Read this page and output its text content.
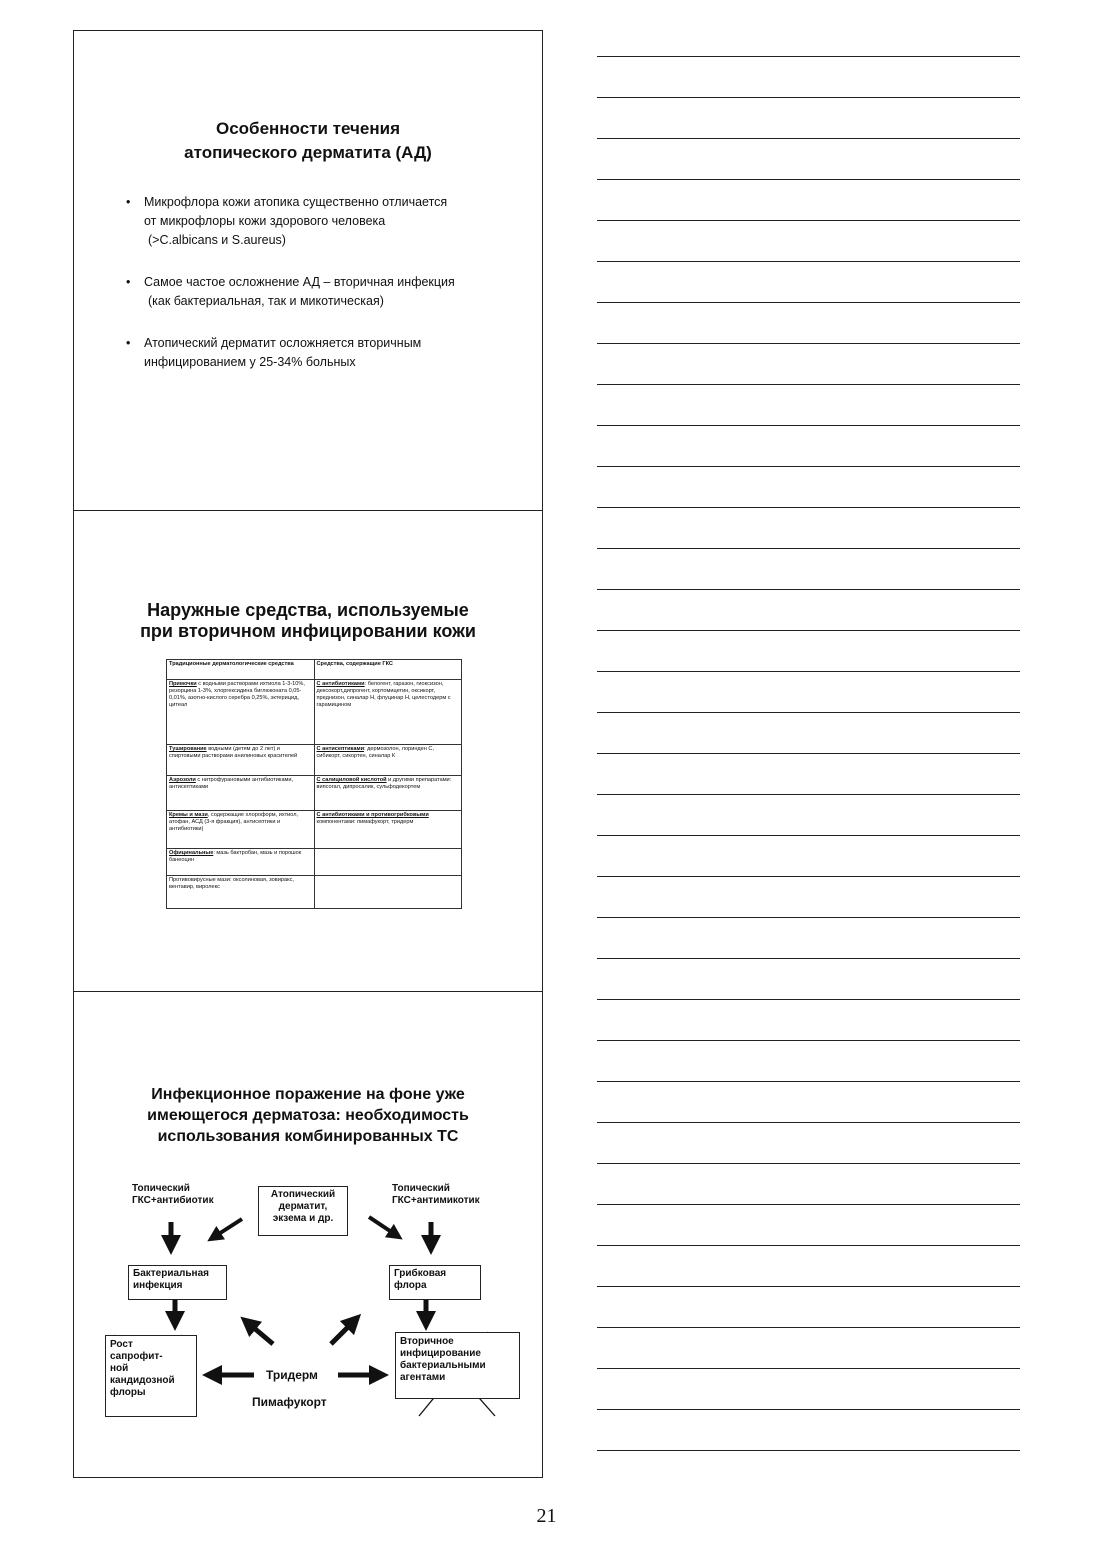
Особенности течения
атопического дерматита (АД)
• Микрофлора кожи атопика существенно отличается
от микрофлоры кожи здорового человека
(>C.albicans и S.aureus)
• Самое частое осложнение АД – вторичная инфекция
(как бактериальная, так и микотическая)
• Атопический дерматит осложняется вторичным
инфицированием у 25-34% больных
Наружные средства, используемые
при вторичном инфицировании кожи
Традиционные дерматологические средства	Средства, содержащие ГКС
Примочки с водными растворами ихтиола 1-3-10%, резорцина 1-3%, хлоргексидина биглюконата 0,05-0,01%, азотно-кислого серебра 0,25%, эктерицид, цитеал	С антибиотиками: белогент, гаразон, гиоксизон, дексокорт,дипрогент, кортомицетин, оксикорт, преднизон, синалар Н, флуцинар Н, целестодерм с гарамицином
Туширование водными (детям до 2 лет) и спиртовыми растворами анилиновых красителей	С антисептиками: дермозолон, лоринден С, сибикорт, сикортен, синалар К
Аэрозоли с нитрофурановыми антибиотиками, антисептиками	С салициловой кислотой и другими препаратами: випсогал, дипросалик, сульфодекортем
Кремы и мази, содержащие хлороформ, ихтиол, атофан, АСД (3-я фракция), антисептики и антибиотики)	С антибиотиками и противогрибковыми компонентами: пимафукорт, тридерм
Официнальные: мазь бактробан, мазь и порошок банеоцин	
Противовирусные мази: оксолиновая, зовиракс, вентавир, виролекс	
Инфекционное поражение на фоне уже
имеющегося дерматоза: необходимость
использования комбинированных ТС
Топический
ГКС+антибиотик
Топический
ГКС+антимикотик
Атопический
дерматит,
экзема и др.
Бактериальная
инфекция
Грибковая
флора
Рост
сапрофит-
ной
кандидозной
флоры
Вторичное
инфицирование
бактериальными
агентами
Тридерм
Пимафукорт
21
